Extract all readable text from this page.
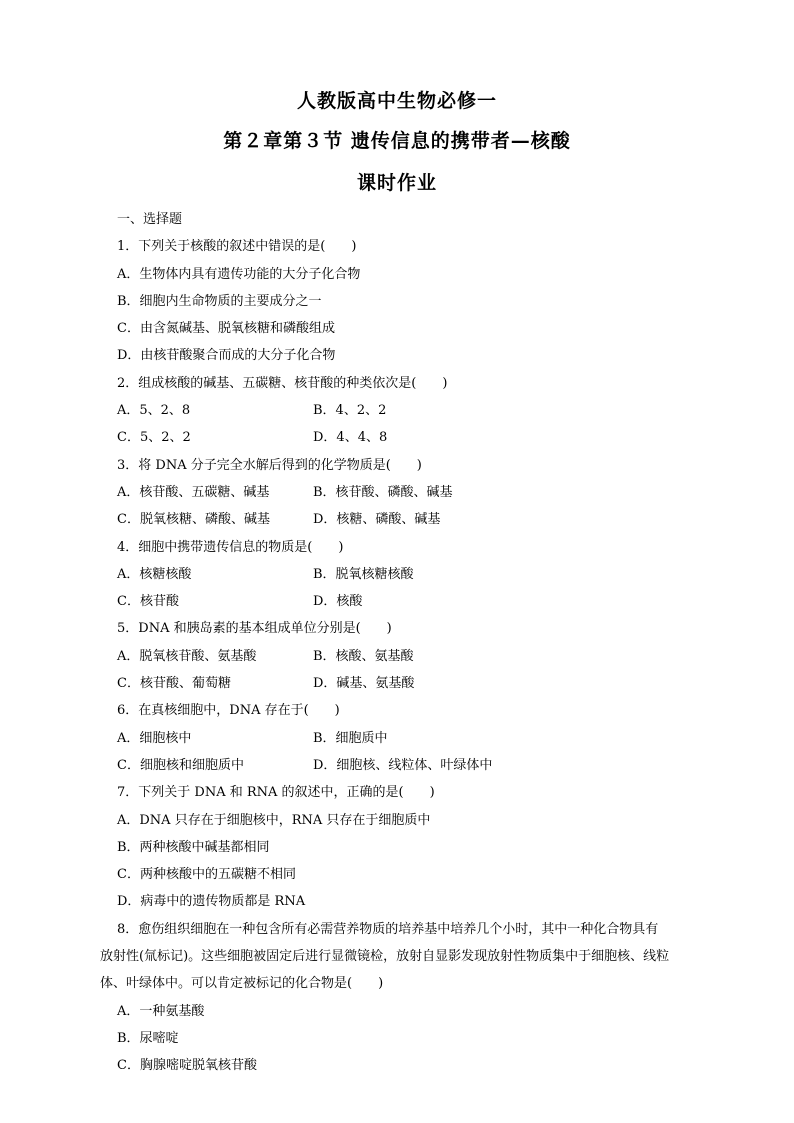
人教版高中生物必修一
第２章第３节 遗传信息的携带者—核酸
课时作业
一、选择题
1．下列关于核酸的叙述中错误的是(　　)
A．生物体内具有遗传功能的大分子化合物
B．细胞内生命物质的主要成分之一
C．由含氮碱基、脱氧核糖和磷酸组成
D．由核苷酸聚合而成的大分子化合物
2．组成核酸的碱基、五碳糖、核苷酸的种类依次是(　　)
A．5、2、8	B．4、2、2
C．5、2、2	D．4、4、8
3．将 DNA 分子完全水解后得到的化学物质是(　　)
A．核苷酸、五碳糖、碱基	B．核苷酸、磷酸、碱基
C．脱氧核糖、磷酸、碱基	D．核糖、磷酸、碱基
4．细胞中携带遗传信息的物质是(　　)
A．核糖核酸	B．脱氧核糖核酸
C．核苷酸	D．核酸
5．DNA 和胰岛素的基本组成单位分别是(　　)
A．脱氧核苷酸、氨基酸	B．核酸、氨基酸
C．核苷酸、葡萄糖	D．碱基、氨基酸
6．在真核细胞中，DNA 存在于(　　)
A．细胞核中	B．细胞质中
C．细胞核和细胞质中	D．细胞核、线粒体、叶绿体中
7．下列关于 DNA 和 RNA 的叙述中，正确的是(　　)
A．DNA 只存在于细胞核中，RNA 只存在于细胞质中
B．两种核酸中碱基都相同
C．两种核酸中的五碳糖不相同
D．病毒中的遗传物质都是 RNA
8．愈伤组织细胞在一种包含所有必需营养物质的培养基中培养几个小时，其中一种化合物具有
放射性(氚标记)。这些细胞被固定后进行显微镜检，放射自显影发现放射性物质集中于细胞核、线粒
体、叶绿体中。可以肯定被标记的化合物是(　　)
A．一种氨基酸
B．尿嘧啶
C．胸腺嘧啶脱氧核苷酸
